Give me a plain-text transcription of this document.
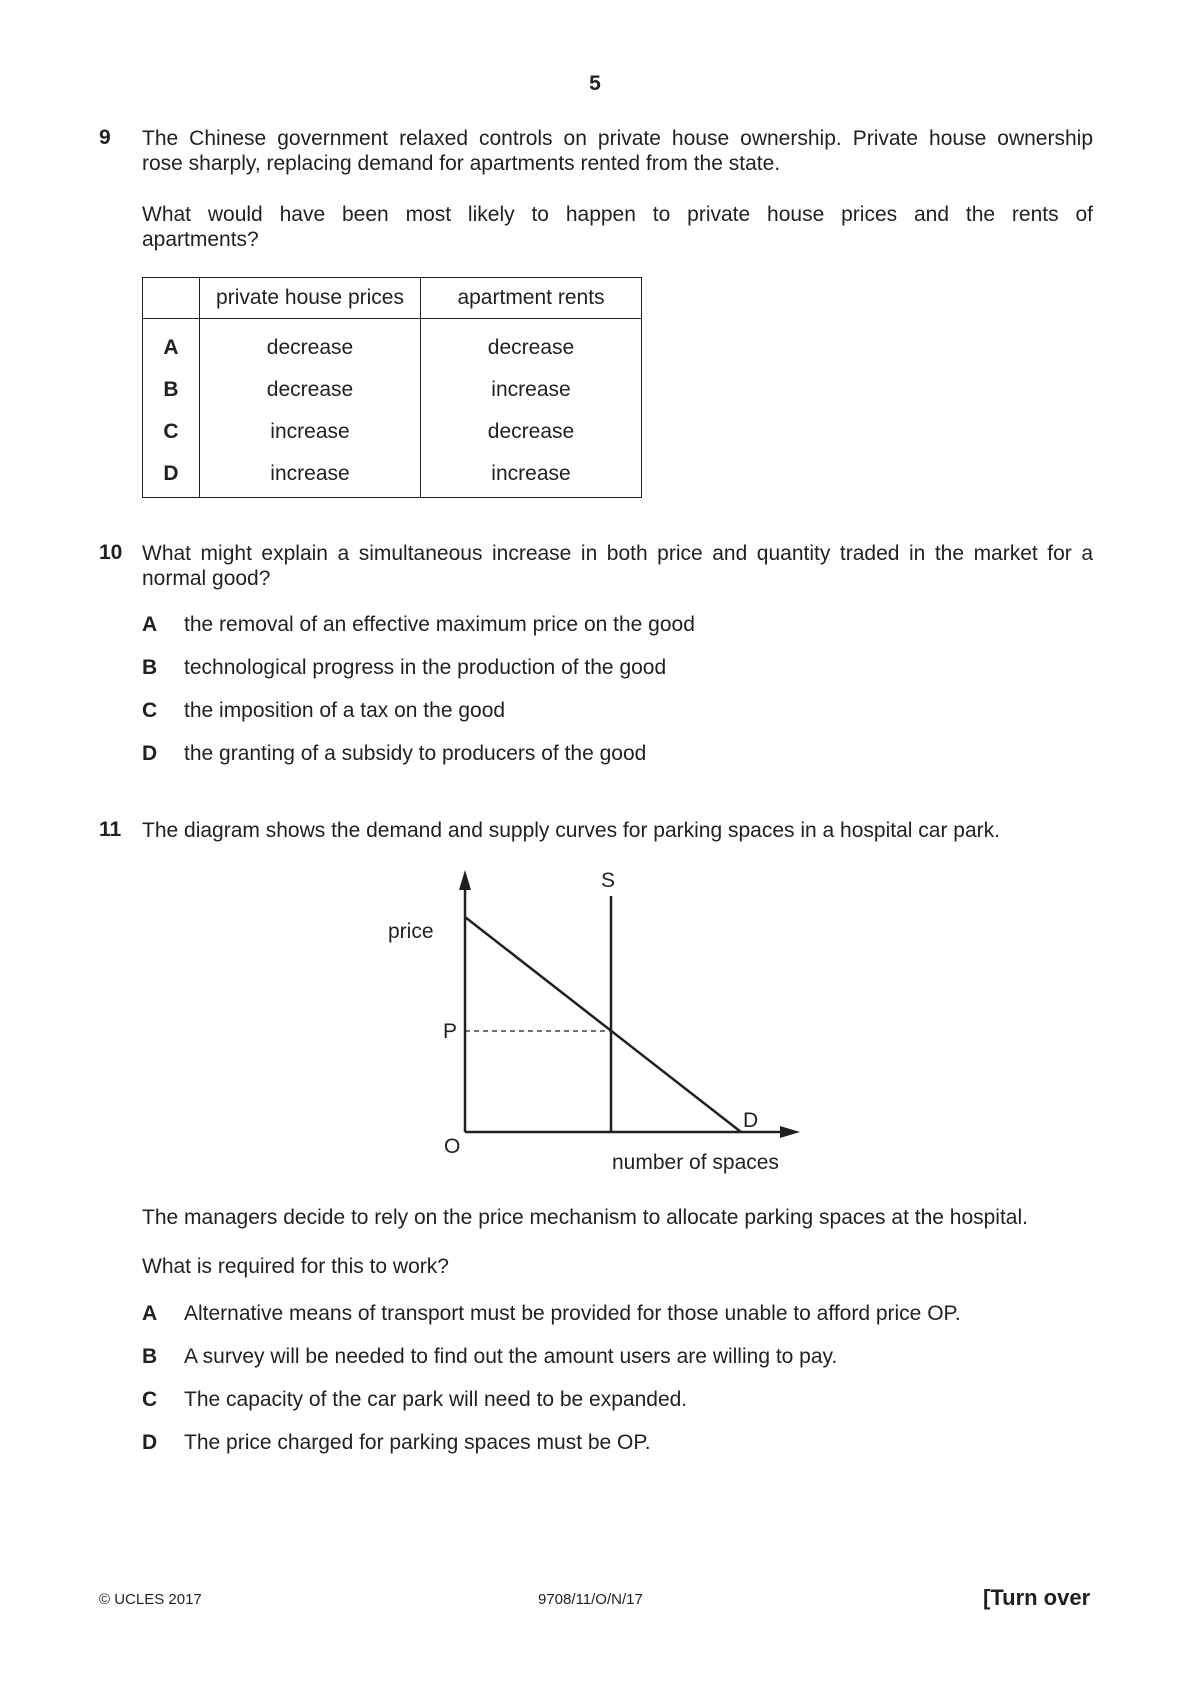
5
9 The Chinese government relaxed controls on private house ownership. Private house ownership
rose sharply, replacing demand for apartments rented from the state.
What would have been most likely to happen to private house prices and the rents of
apartments?
	private house prices	apartment rents
A	decrease	decrease
B	decrease	increase
C	increase	decrease
D	increase	increase
10 What might explain a simultaneous increase in both price and quantity traded in the market for a
normal good?
A the removal of an effective maximum price on the good
B technological progress in the production of the good
C the imposition of a tax on the good
D the granting of a subsidy to producers of the good
11 The diagram shows the demand and supply curves for parking spaces in a hospital car park.
price
S
P
D
O
number of spaces
The managers decide to rely on the price mechanism to allocate parking spaces at the hospital.
What is required for this to work?
A Alternative means of transport must be provided for those unable to afford price OP.
B A survey will be needed to find out the amount users are willing to pay.
C The capacity of the car park will need to be expanded.
D The price charged for parking spaces must be OP.
© UCLES 2017	9708/11/O/N/17	[Turn over
